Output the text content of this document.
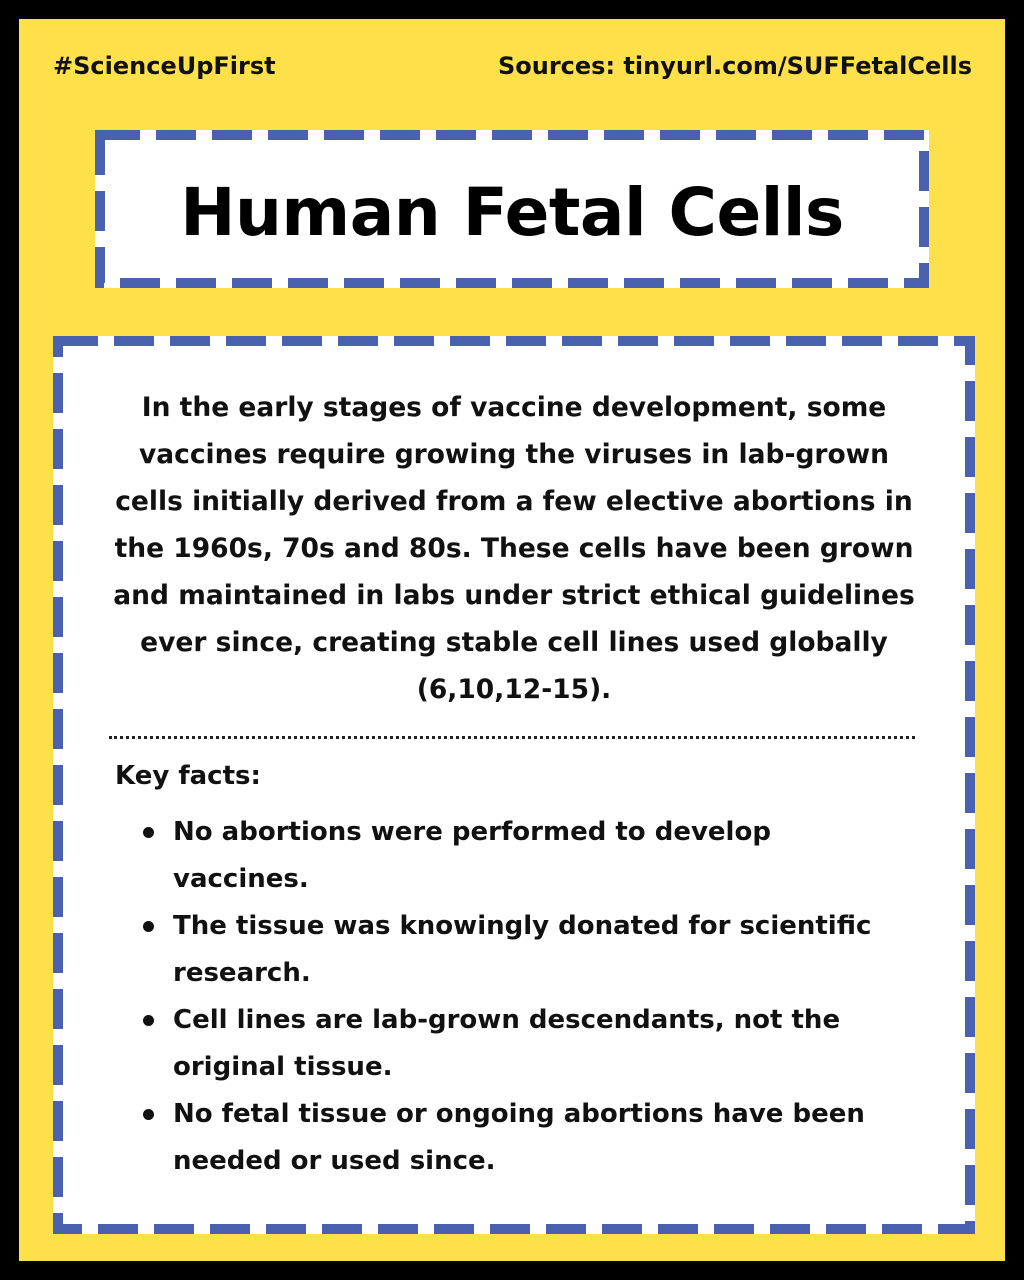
#ScienceUpFirst	Sources: tinyurl.com/SUFFetalCells
Human Fetal Cells
In the early stages of vaccine development, some vaccines require growing the viruses in lab-grown cells initially derived from a few elective abortions in the 1960s, 70s and 80s. These cells have been grown and maintained in labs under strict ethical guidelines ever since, creating stable cell lines used globally (6,10,12-15).
Key facts:
No abortions were performed to develop vaccines.
The tissue was knowingly donated for scientific research.
Cell lines are lab-grown descendants, not the original tissue.
No fetal tissue or ongoing abortions have been needed or used since.
